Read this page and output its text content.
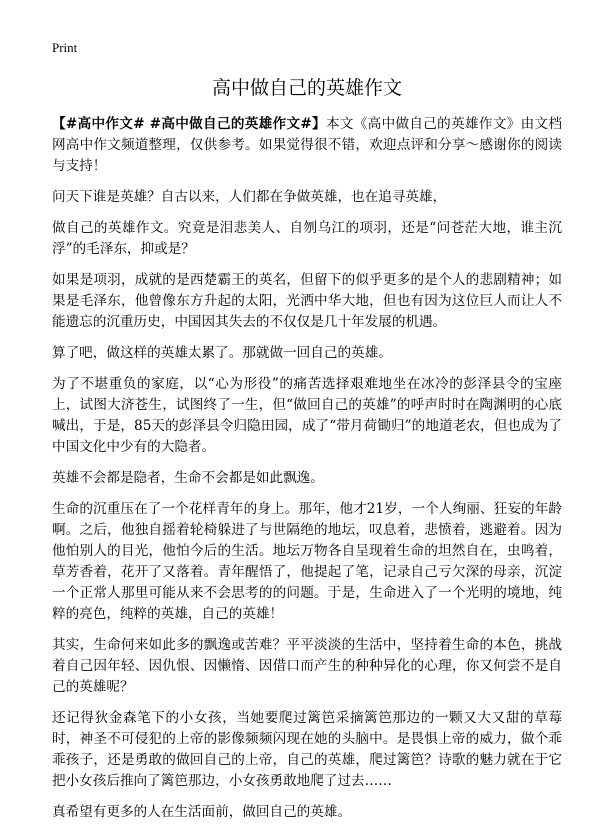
Print

高中做自己的英雄作文

【#高中作文# #高中做自己的英雄作文#】本文《高中做自己的英雄作文》由文档网高中作文频道整理，仅供参考。如果觉得很不错，欢迎点评和分享～感谢你的阅读与支持！

问天下谁是英雄？自古以来，人们都在争做英雄，也在追寻英雄，

做自己的英雄作文。究竟是泪悲美人、自刎乌江的项羽，还是“问苍茫大地，谁主沉浮”的毛泽东，抑或是？

如果是项羽，成就的是西楚霸王的英名，但留下的似乎更多的是个人的悲剧精神；如果是毛泽东，他曾像东方升起的太阳，光洒中华大地，但也有因为这位巨人而让人不能遗忘的沉重历史，中国因其失去的不仅仅是几十年发展的机遇。

算了吧，做这样的英雄太累了。那就做一回自己的英雄。

为了不堪重负的家庭，以“心为形役”的痛苦选择艰难地坐在冰冷的彭泽县令的宝座上，试图大济苍生，试图终了一生，但“做回自己的英雄”的呼声时时在陶渊明的心底喊出，于是，85天的彭泽县令归隐田园，成了“带月荷锄归”的地道老农，但也成为了中国文化中少有的大隐者。

英雄不会都是隐者，生命不会都是如此飘逸。

生命的沉重压在了一个花样青年的身上。那年，他才21岁，一个人绚丽、狂妄的年龄啊。之后，他独自摇着轮椅躲进了与世隔绝的地坛，叹息着，悲愤着，逃避着。因为他怕别人的目光，他怕今后的生活。地坛万物各自呈现着生命的坦然自在，虫鸣着，草芳香着，花开了又落着。青年醒悟了，他提起了笔，记录自己亏欠深的母亲，沉淀一个正常人那里可能从来不会思考的的问题。于是，生命进入了一个光明的境地，纯粹的亮色，纯粹的英雄，自己的英雄！

其实，生命何来如此多的飘逸或苦难？平平淡淡的生活中，坚持着生命的本色，挑战着自己因年轻、因仇恨、因懒惰、因借口而产生的种种异化的心理，你又何尝不是自己的英雄呢？

还记得狄金森笔下的小女孩，当她要爬过篱笆采摘篱笆那边的一颗又大又甜的草莓时，神圣不可侵犯的上帝的影像频频闪现在她的头脑中。是畏惧上帝的威力，做个乖乖孩子，还是勇敢的做回自己的上帝，自己的英雄，爬过篱笆？诗歌的魅力就在于它把小女孩后推向了篱笆那边，小女孩勇敢地爬了过去……

真希望有更多的人在生活面前，做回自己的英雄。
